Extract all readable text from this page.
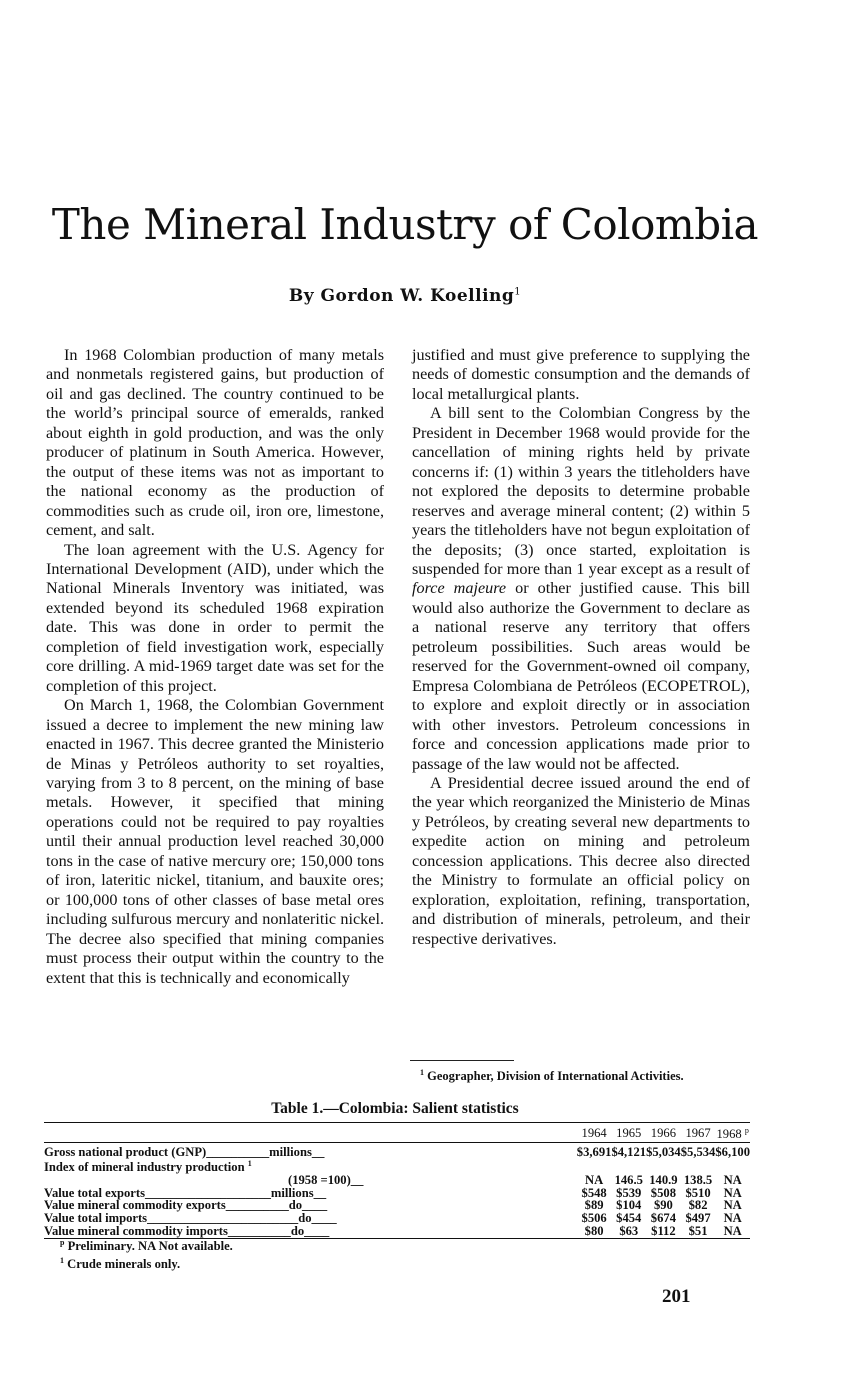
The Mineral Industry of Colombia
By Gordon W. Koelling$^1$

In 1968 Colombian production of many metals and nonmetals registered gains, but production of oil and gas declined. The country continued to be the world’s principal source of emeralds, ranked about eighth in gold production, and was the only producer of platinum in South America. However, the output of these items was not as important to the national economy as the production of commodities such as crude oil, iron ore, limestone, cement, and salt.

The loan agreement with the U.S. Agency for International Development (AID), under which the National Minerals Inventory was initiated, was extended beyond its scheduled 1968 expiration date. This was done in order to permit the completion of field investigation work, especially core drilling. A mid-1969 target date was set for the completion of this project.

On March 1, 1968, the Colombian Government issued a decree to implement the new mining law enacted in 1967. This decree granted the Ministerio de Minas y Petróleos authority to set royalties, varying from 3 to 8 percent, on the mining of base metals. However, it specified that mining operations could not be required to pay royalties until their annual production level reached 30,000 tons in the case of native mercury ore; 150,000 tons of iron, lateritic nickel, titanium, and bauxite ores; or 100,000 tons of other classes of base metal ores including sulfurous mercury and nonlateritic nickel. The decree also specified that mining companies must process their output within the country to the extent that this is technically and economically

justified and must give preference to supplying the needs of domestic consumption and the demands of local metallurgical plants.

A bill sent to the Colombian Congress by the President in December 1968 would provide for the cancellation of mining rights held by private concerns if: (1) within 3 years the titleholders have not explored the deposits to determine probable reserves and average mineral content; (2) within 5 years the titleholders have not begun exploitation of the deposits; (3) once started, exploitation is suspended for more than 1 year except as a result of force majeure or other justified cause. This bill would also authorize the Government to declare as a national reserve any territory that offers petroleum possibilities. Such areas would be reserved for the Government-owned oil company, Empresa Colombiana de Petróleos (ECOPETROL), to explore and exploit directly or in association with other investors. Petroleum concessions in force and concession applications made prior to passage of the law would not be affected.

A Presidential decree issued around the end of the year which reorganized the Ministerio de Minas y Petróleos, by creating several new departments to expedite action on mining and petroleum concession applications. This decree also directed the Ministry to formulate an official policy on exploration, exploitation, refining, transportation, and distribution of minerals, petroleum, and their respective derivatives.

$^1$ Geographer, Division of International Activities.
Table 1.—Colombia: Salient statistics
	1964	1965	1966	1967	1968 $^p$
Gross national product (GNP)__________millions__	$3,691	$4,121	$5,034	$5,534	$6,100
Index of mineral industry production $^1$					
(1958 =100)__	NA	146.5	140.9	138.5	NA
Value total exports____________________millions__	$548	$539	$508	$510	NA
Value mineral commodity exports__________do____	$89	$104	$90	$82	NA
Value total imports________________________do____	$506	$454	$674	$497	NA
Value mineral commodity imports__________do____	$80	$63	$112	$51	NA
$^p$ Preliminary. NA Not available.
$^1$ Crude minerals only.
201
